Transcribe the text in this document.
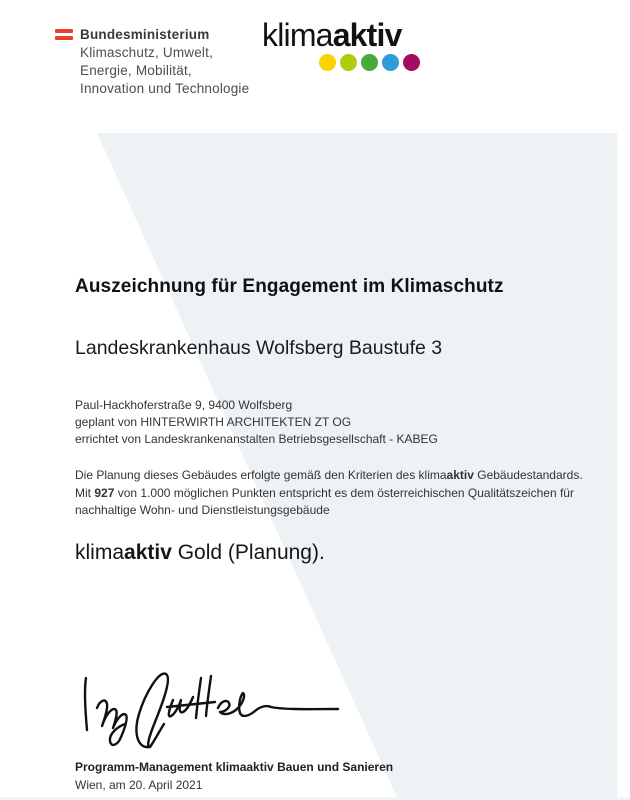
Bundesministerium
Klimaschutz, Umwelt,
Energie, Mobilität,
Innovation und Technologie
klimaaktiv
Auszeichnung für Engagement im Klimaschutz
Landeskrankenhaus Wolfsberg Baustufe 3
Paul-Hackhoferstraße 9, 9400 Wolfsberg
geplant von HINTERWIRTH ARCHITEKTEN ZT OG
errichtet von Landeskrankenanstalten Betriebsgesellschaft - KABEG
Die Planung dieses Gebäudes erfolgte gemäß den Kriterien des klimaaktiv Gebäudestandards.
Mit 927 von 1.000 möglichen Punkten entspricht es dem österreichischen Qualitätszeichen für
nachhaltige Wohn- und Dienstleistungsgebäude
klimaaktiv Gold (Planung).
Programm-Management klimaaktiv Bauen und Sanieren
Wien, am 20. April 2021
